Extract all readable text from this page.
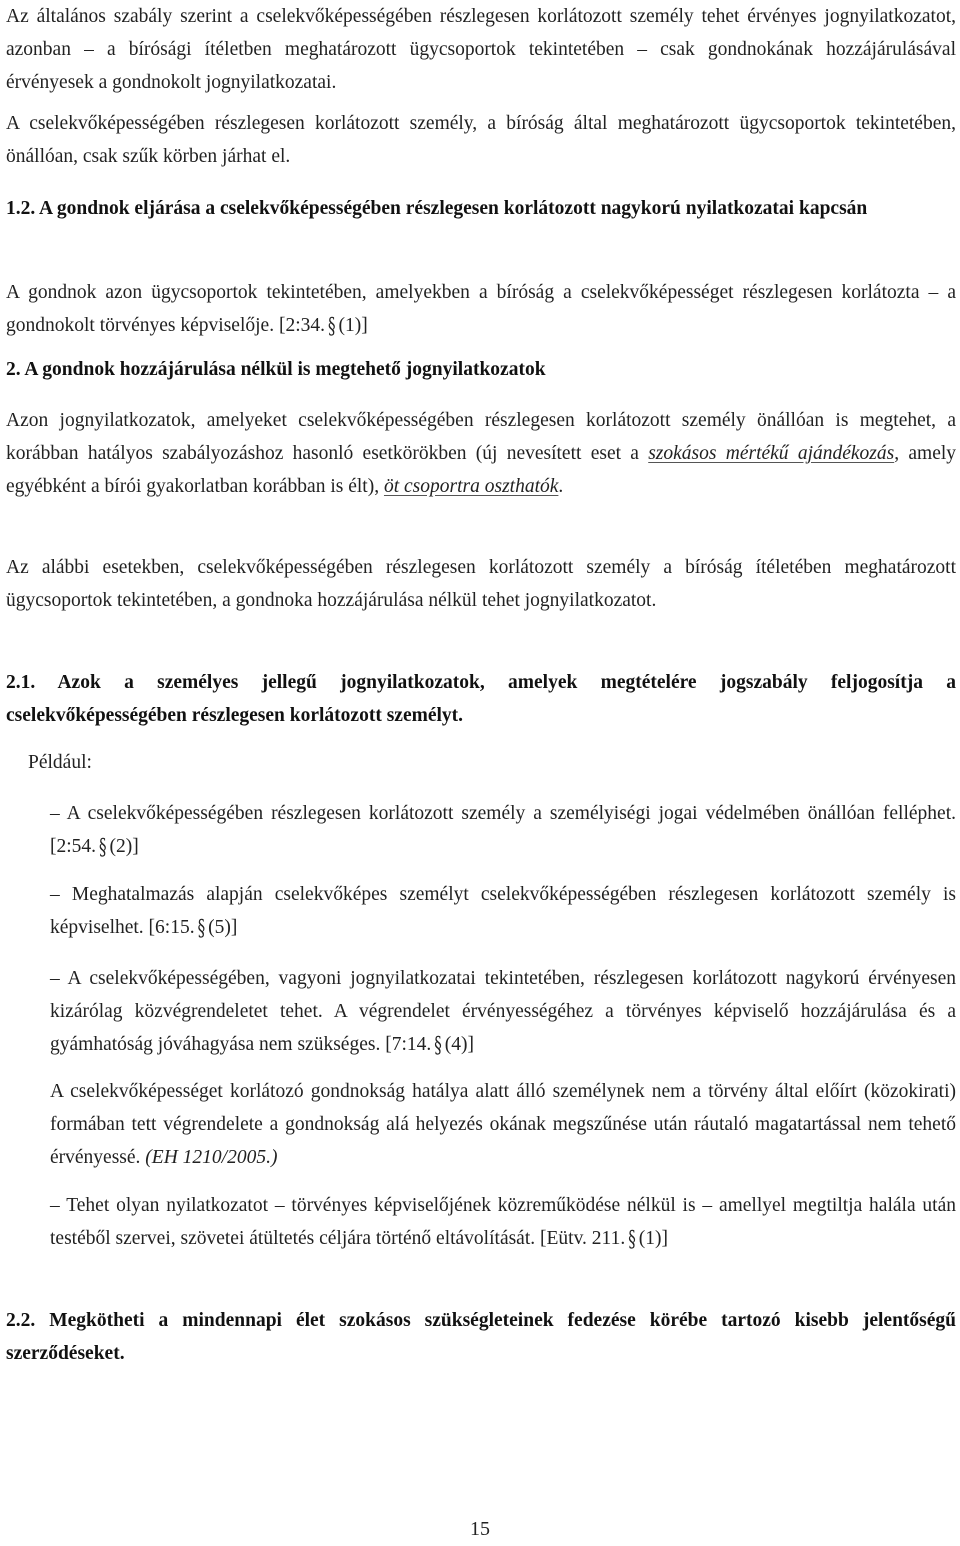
Az általános szabály szerint a cselekvőképességében részlegesen korlátozott személy tehet érvényes jognyilatkozatot, azonban – a bírósági ítéletben meghatározott ügycsoportok tekintetében – csak gondnokának hozzájárulásával érvényesek a gondnokolt jognyilatkozatai.

A cselekvőképességében részlegesen korlátozott személy, a bíróság által meghatározott ügycsoportok tekintetében, önállóan, csak szűk körben járhat el.

1.2. A gondnok eljárása a cselekvőképességében részlegesen korlátozott nagykorú nyilatkozatai kapcsán

A gondnok azon ügycsoportok tekintetében, amelyekben a bíróság a cselekvőképességet részlegesen korlátozta – a gondnokolt törvényes képviselője. [2:34. § (1)]

2. A gondnok hozzájárulása nélkül is megtehető jognyilatkozatok

Azon jognyilatkozatok, amelyeket cselekvőképességében részlegesen korlátozott személy önállóan is megtehet, a korábban hatályos szabályozáshoz hasonló esetkörökben (új nevesített eset a szokásos mértékű ajándékozás, amely egyébként a bírói gyakorlatban korábban is élt), öt csoportra oszthatók.

Az alábbi esetekben, cselekvőképességében részlegesen korlátozott személy a bíróság ítéletében meghatározott ügycsoportok tekintetében, a gondnoka hozzájárulása nélkül tehet jognyilatkozatot.

2.1. Azok a személyes jellegű jognyilatkozatok, amelyek megtételére jogszabály feljogosítja a cselekvőképességében részlegesen korlátozott személyt.

Például:

– A cselekvőképességében részlegesen korlátozott személy a személyiségi jogai védelmében önállóan felléphet. [2:54. § (2)]

– Meghatalmazás alapján cselekvőképes személyt cselekvőképességében részlegesen korlátozott személy is képviselhet. [6:15. § (5)]

– A cselekvőképességében, vagyoni jognyilatkozatai tekintetében, részlegesen korlátozott nagykorú érvényesen kizárólag közvégrendeletet tehet. A végrendelet érvényességéhez a törvényes képviselő hozzájárulása és a gyámhatóság jóváhagyása nem szükséges. [7:14. § (4)]

A cselekvőképességet korlátozó gondnokság hatálya alatt álló személynek nem a törvény által előírt (közokirati) formában tett végrendelete a gondnokság alá helyezés okának megszűnése után ráutaló magatartással nem tehető érvényessé. (EH 1210/2005.)

– Tehet olyan nyilatkozatot – törvényes képviselőjének közreműködése nélkül is – amellyel megtiltja halála után testéből szervei, szövetei átültetés céljára történő eltávolítását. [Eütv. 211. § (1)]

2.2. Megkötheti a mindennapi élet szokásos szükségleteinek fedezése körébe tartozó kisebb jelentőségű szerződéseket.

15
